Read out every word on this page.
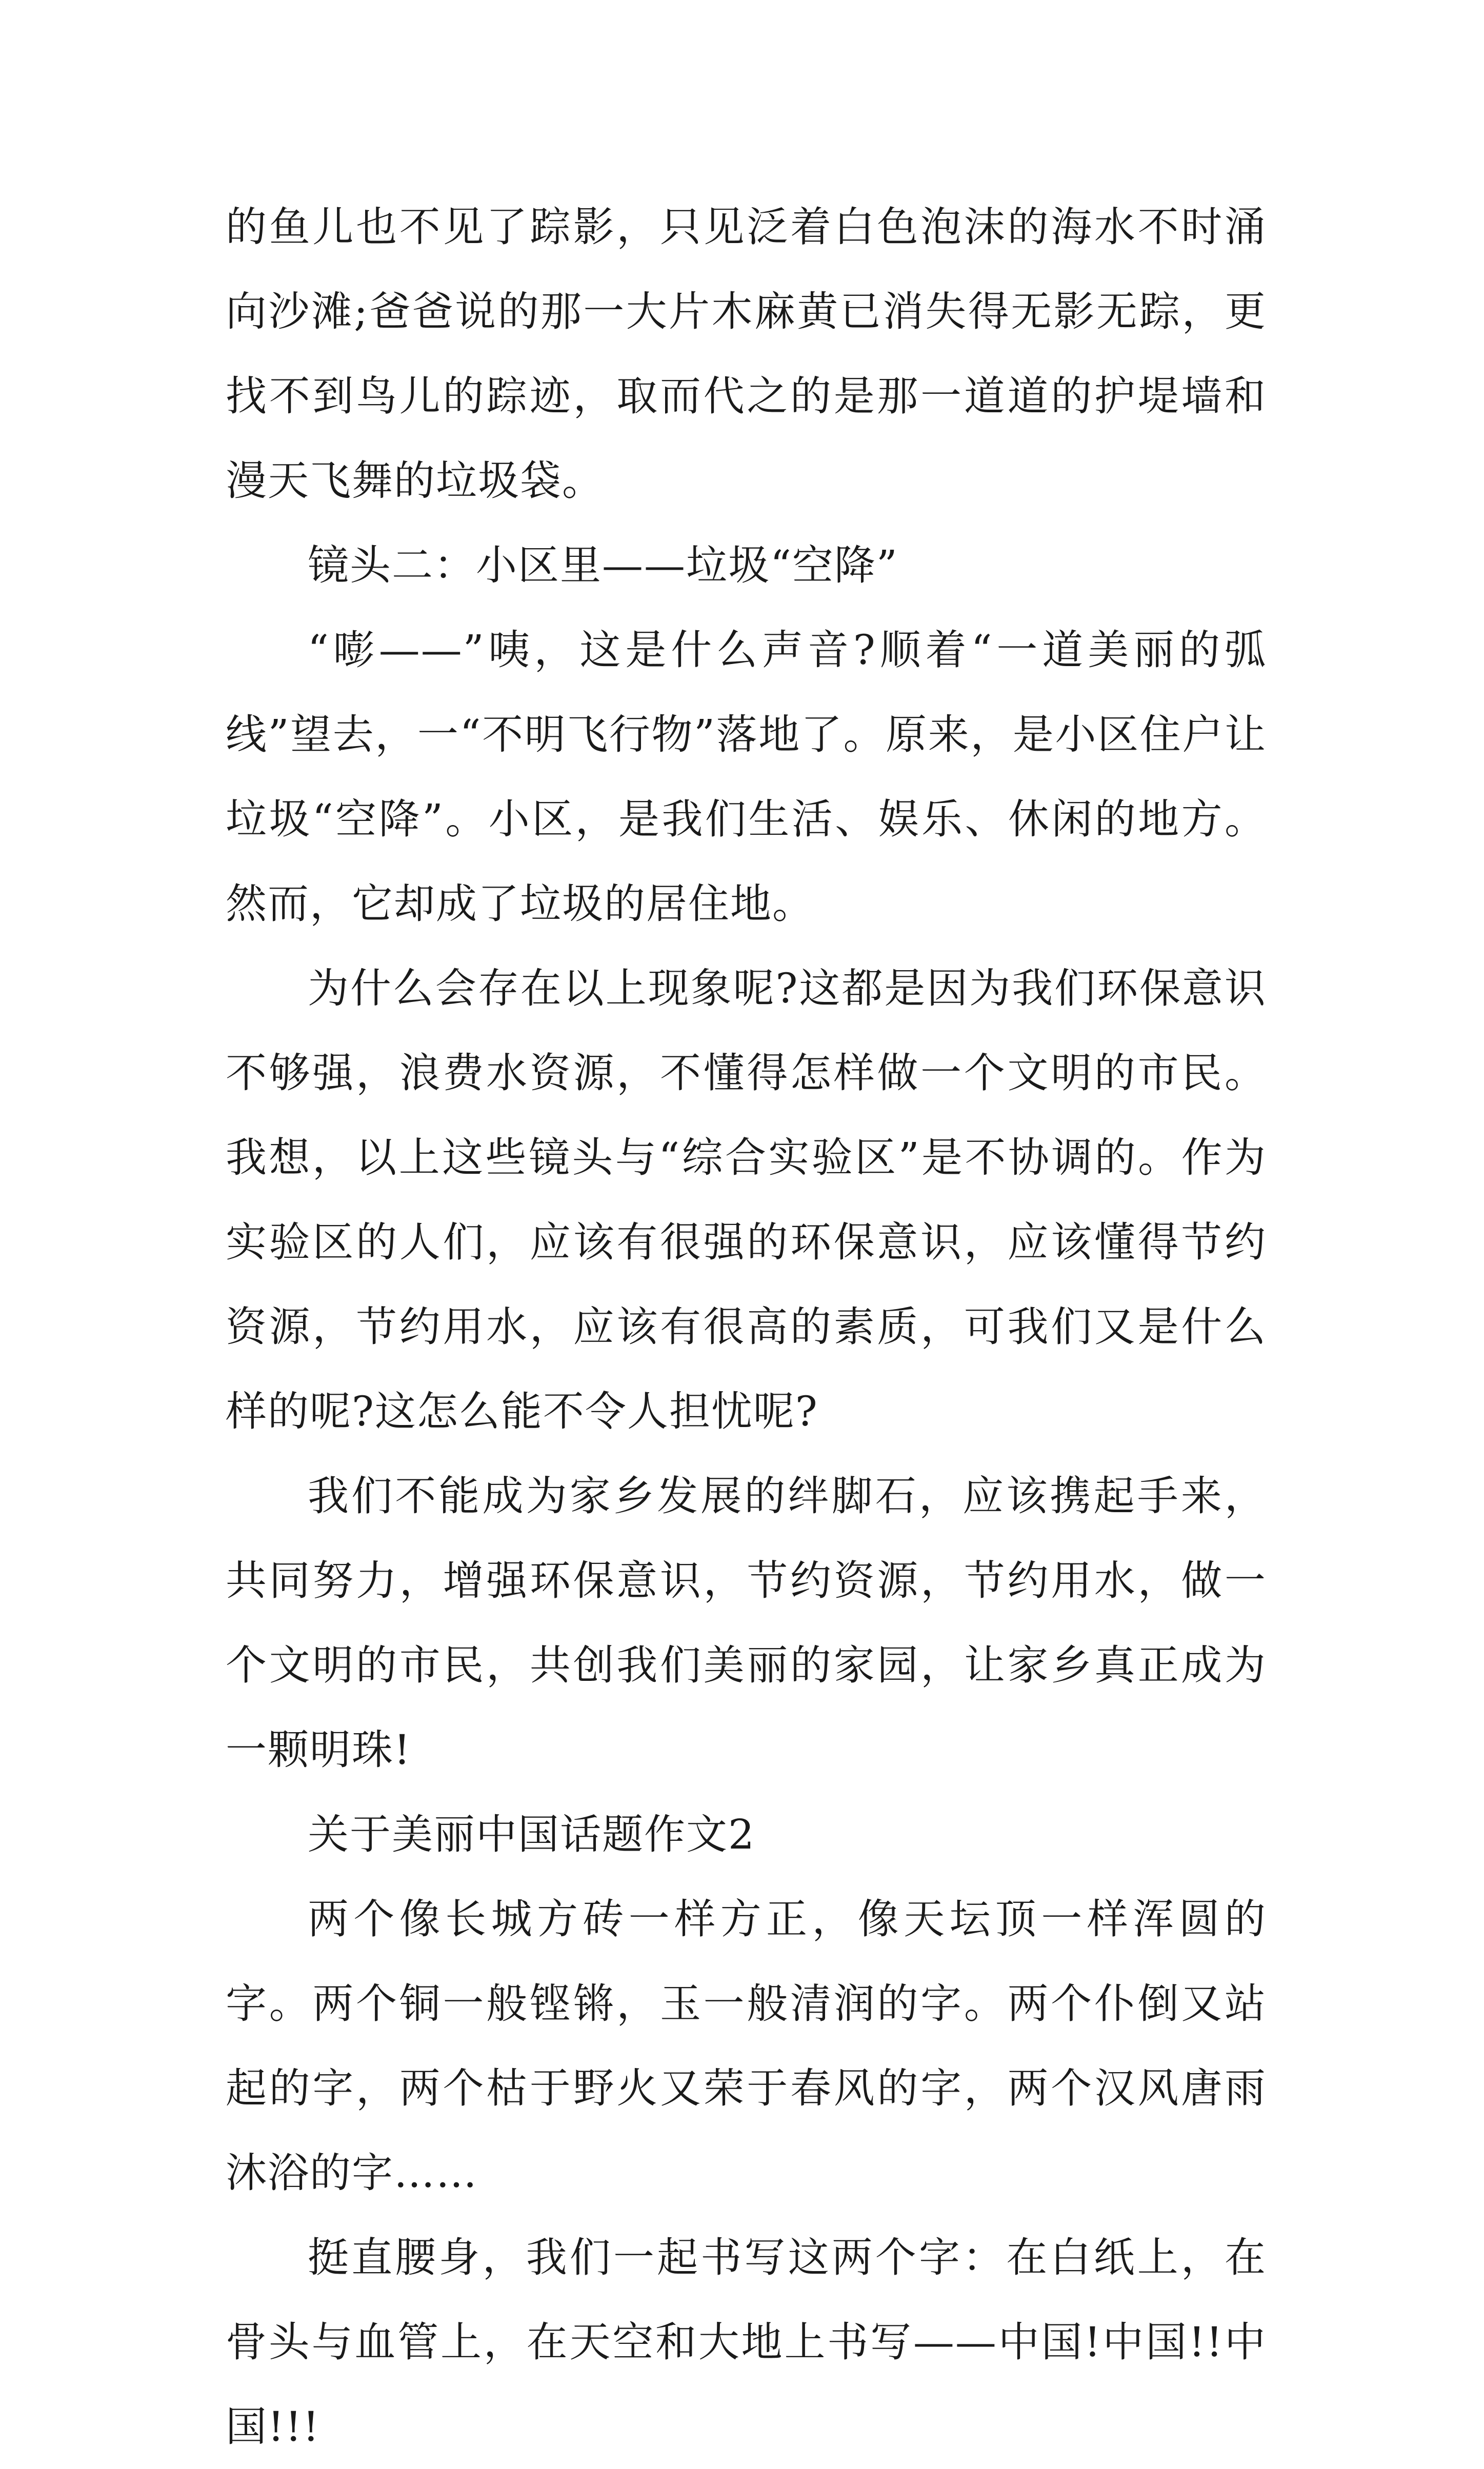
的鱼儿也不见了踪影，只见泛着白色泡沫的海水不时涌向沙滩;爸爸说的那一大片木麻黄已消失得无影无踪，更找不到鸟儿的踪迹，取而代之的是那一道道的护堤墙和漫天飞舞的垃圾袋。

镜头二：小区里——垃圾“空降”

“嘭——”咦，这是什么声音?顺着“一道美丽的弧线”望去，一“不明飞行物”落地了。原来，是小区住户让垃圾“空降”。小区，是我们生活、娱乐、休闲的地方。然而，它却成了垃圾的居住地。

为什么会存在以上现象呢?这都是因为我们环保意识不够强，浪费水资源，不懂得怎样做一个文明的市民。我想，以上这些镜头与“综合实验区”是不协调的。作为实验区的人们，应该有很强的环保意识，应该懂得节约资源，节约用水，应该有很高的素质，可我们又是什么样的呢?这怎么能不令人担忧呢?

我们不能成为家乡发展的绊脚石，应该携起手来，共同努力，增强环保意识，节约资源，节约用水，做一个文明的市民，共创我们美丽的家园，让家乡真正成为一颗明珠!

关于美丽中国话题作文2

两个像长城方砖一样方正，像天坛顶一样浑圆的字。两个铜一般铿锵，玉一般清润的字。两个仆倒又站起的字，两个枯于野火又荣于春风的字，两个汉风唐雨沐浴的字……

挺直腰身，我们一起书写这两个字：在白纸上，在骨头与血管上，在天空和大地上书写——中国!中国!!中国!!!
